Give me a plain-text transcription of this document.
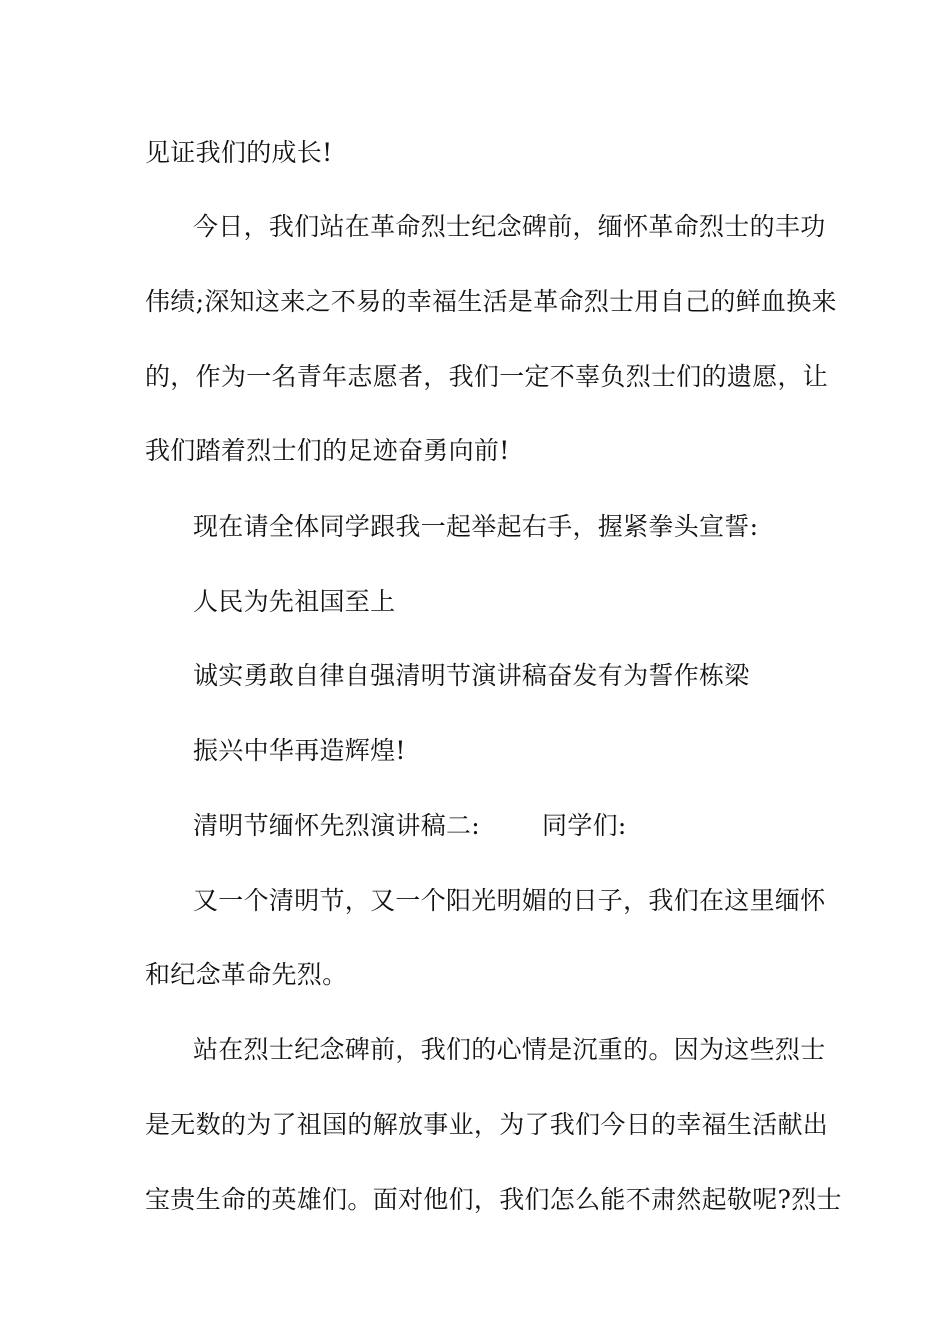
见证我们的成长!
今日，我们站在革命烈士纪念碑前，缅怀革命烈士的丰功
伟绩;深知这来之不易的幸福生活是革命烈士用自己的鲜血换来
的，作为一名青年志愿者，我们一定不辜负烈士们的遗愿，让
我们踏着烈士们的足迹奋勇向前!
现在请全体同学跟我一起举起右手，握紧拳头宣誓:
人民为先祖国至上
诚实勇敢自律自强清明节演讲稿奋发有为誓作栋梁
振兴中华再造辉煌!
清明节缅怀先烈演讲稿二: 同学们:
又一个清明节，又一个阳光明媚的日子，我们在这里缅怀
和纪念革命先烈。
站在烈士纪念碑前，我们的心情是沉重的。因为这些烈士
是无数的为了祖国的解放事业，为了我们今日的幸福生活献出
宝贵生命的英雄们。面对他们，我们怎么能不肃然起敬呢?烈士
